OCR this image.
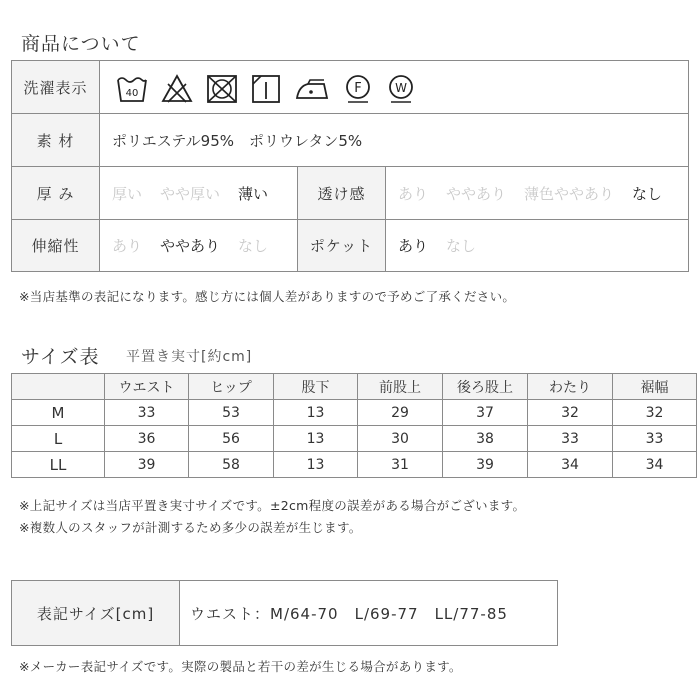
商品について
洗濯表示	40	F	W
素 材	ポリエステル95%　ポリウレタン5%
厚 み	厚い やや厚い 薄い	透け感	あり ややあり 薄色ややあり なし
伸縮性	あり ややあり なし	ポケット	あり なし
※当店基準の表記になります。感じ方には個人差がありますので予めご了承ください。
サイズ表 平置き実寸[約cm]
	ウエスト	ヒップ	股下	前股上	後ろ股上	わたり	裾幅
M	33	53	13	29	37	32	32
L	36	56	13	30	38	33	33
LL	39	58	13	31	39	34	34
※上記サイズは当店平置き実寸サイズです。±2cm程度の誤差がある場合がございます。
※複数人のスタッフが計測するため多少の誤差が生じます。
表記サイズ[cm]	ウエスト：M/64-70　L/69-77　LL/77-85
※メーカー表記サイズです。実際の製品と若干の差が生じる場合があります。
